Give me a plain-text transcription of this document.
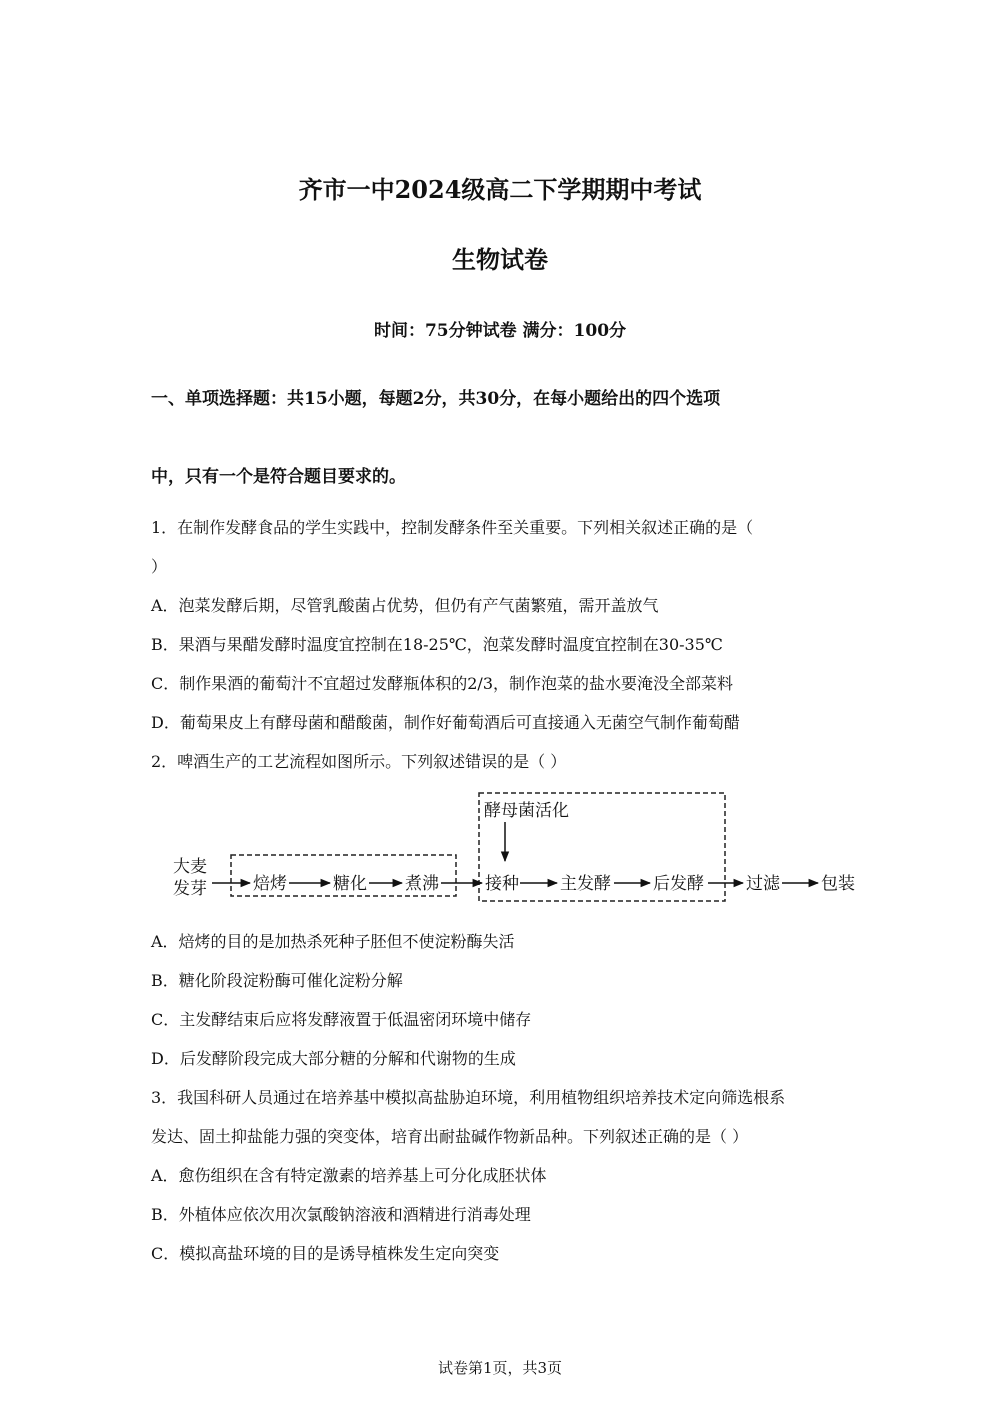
齐市一中2024级高二下学期期中考试
生物试卷
时间：75分钟试卷 满分：100分
一、单项选择题：共15小题，每题2分，共30分，在每小题给出的四个选项
中，只有一个是符合题目要求的。
1．在制作发酵食品的学生实践中，控制发酵条件至关重要。下列相关叙述正确的是（
）
A．泡菜发酵后期，尽管乳酸菌占优势，但仍有产气菌繁殖，需开盖放气
B．果酒与果醋发酵时温度宜控制在18-25℃，泡菜发酵时温度宜控制在30-35℃
C．制作果酒的葡萄汁不宜超过发酵瓶体积的2/3，制作泡菜的盐水要淹没全部菜料
D．葡萄果皮上有酵母菌和醋酸菌，制作好葡萄酒后可直接通入无菌空气制作葡萄醋
2．啤酒生产的工艺流程如图所示。下列叙述错误的是（ ）
大麦
发芽	焙烤	糖化 煮沸	接种 主发酵 后发酵 过滤 包装
酵母菌活化
A．焙烤的目的是加热杀死种子胚但不使淀粉酶失活
B．糖化阶段淀粉酶可催化淀粉分解
C．主发酵结束后应将发酵液置于低温密闭环境中储存
D．后发酵阶段完成大部分糖的分解和代谢物的生成
3．我国科研人员通过在培养基中模拟高盐胁迫环境，利用植物组织培养技术定向筛选根系
发达、固土抑盐能力强的突变体，培育出耐盐碱作物新品种。下列叙述正确的是（ ）
A．愈伤组织在含有特定激素的培养基上可分化成胚状体
B．外植体应依次用次氯酸钠溶液和酒精进行消毒处理
C．模拟高盐环境的目的是诱导植株发生定向突变
试卷第1页，共3页
